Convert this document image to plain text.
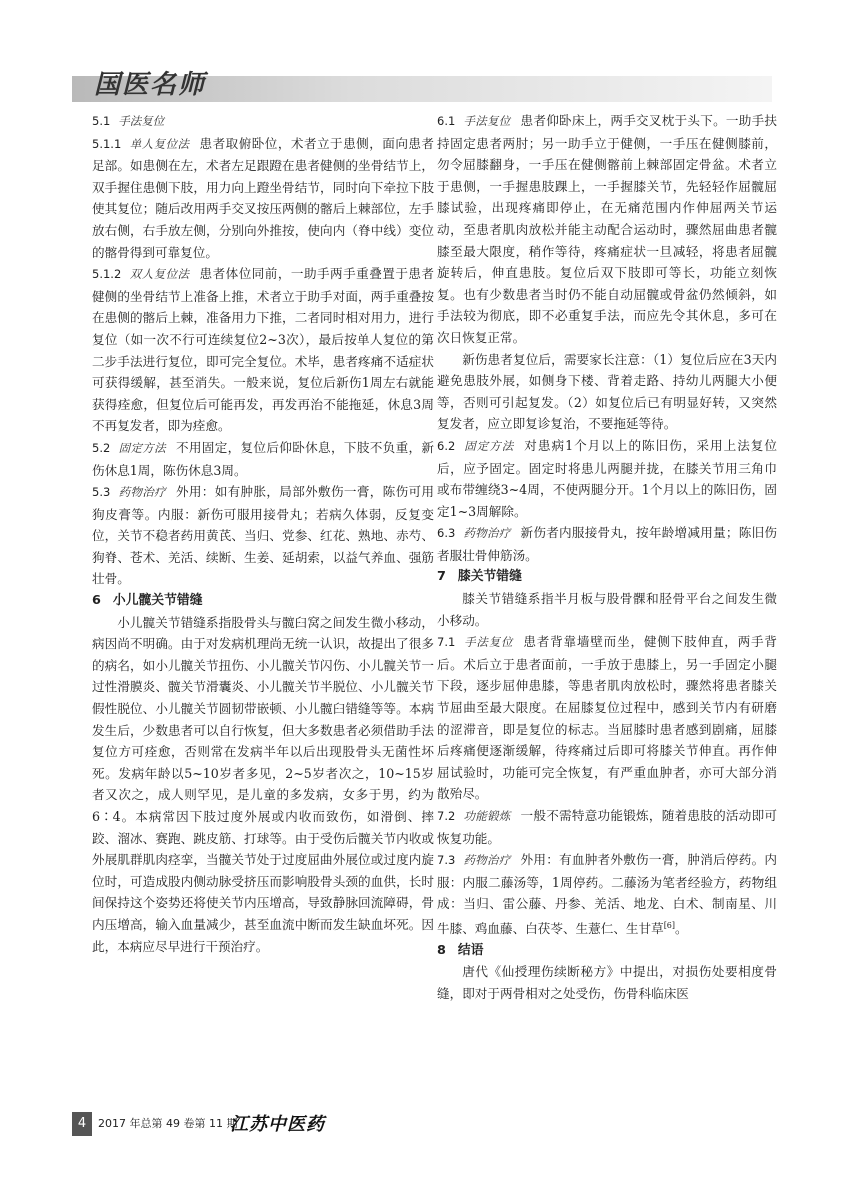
国医名师

5.1 手法复位

5.1.1 单人复位法 患者取俯卧位，术者立于患侧，面向患者足部。如患侧在左，术者左足跟蹬在患者健侧的坐骨结节上，双手握住患侧下肢，用力向上蹬坐骨结节，同时向下牵拉下肢使其复位；随后改用两手交叉按压两侧的髂后上棘部位，左手放右侧，右手放左侧，分别向外推按，使向内（脊中线）变位的髂骨得到可靠复位。

5.1.2 双人复位法 患者体位同前，一助手两手重叠置于患者健侧的坐骨结节上准备上推，术者立于助手对面，两手重叠按在患侧的髂后上棘，准备用力下推，二者同时相对用力，进行复位（如一次不行可连续复位2~3次），最后按单人复位的第二步手法进行复位，即可完全复位。术毕，患者疼痛不适症状可获得缓解，甚至消失。一般来说，复位后新伤1周左右就能获得痊愈，但复位后可能再发，再发再治不能拖延，休息3周不再复发者，即为痊愈。

5.2 固定方法 不用固定，复位后仰卧休息，下肢不负重，新伤休息1周，陈伤休息3周。

5.3 药物治疗 外用：如有肿胀，局部外敷伤一膏，陈伤可用狗皮膏等。内服：新伤可服用接骨丸；若病久体弱，反复变位，关节不稳者药用黄芪、当归、党参、红花、熟地、赤芍、狗脊、苍术、羌活、续断、生姜、延胡索，以益气养血、强筋壮骨。

6 小儿髋关节错缝

小儿髋关节错缝系指股骨头与髋臼窝之间发生微小移动，病因尚不明确。由于对发病机理尚无统一认识，故提出了很多的病名，如小儿髋关节扭伤、小儿髋关节闪伤、小儿髋关节一过性滑膜炎、髋关节滑囊炎、小儿髋关节半脱位、小儿髋关节假性脱位、小儿髋关节圆韧带嵌顿、小儿髋臼错缝等等。本病发生后，少数患者可以自行恢复，但大多数患者必须借助手法复位方可痊愈，否则常在发病半年以后出现股骨头无菌性坏死。发病年龄以5~10岁者多见，2~5岁者次之，10~15岁者又次之，成人则罕见，是儿童的多发病，女多于男，约为6∶4。本病常因下肢过度外展或内收而致伤，如滑倒、摔跤、溜冰、赛跑、跳皮筋、打球等。由于受伤后髋关节内收或外展肌群肌肉痉挛，当髋关节处于过度屈曲外展位或过度内旋位时，可造成股内侧动脉受挤压而影响股骨头颈的血供，长时间保持这个姿势还将使关节内压增高，导致静脉回流障碍，骨内压增高，输入血量减少，甚至血流中断而发生缺血坏死。因此，本病应尽早进行干预治疗。

6.1 手法复位 患者仰卧床上，两手交叉枕于头下。一助手扶持固定患者两肘；另一助手立于健侧，一手压在健侧膝前，勿令屈膝翻身，一手压在健侧髂前上棘部固定骨盆。术者立于患侧，一手握患肢踝上，一手握膝关节，先轻轻作屈髋屈膝试验，出现疼痛即停止，在无痛范围内作伸屈两关节运动，至患者肌肉放松并能主动配合运动时，骤然屈曲患者髋膝至最大限度，稍作等待，疼痛症状一旦减轻，将患者屈髋旋转后，伸直患肢。复位后双下肢即可等长，功能立刻恢复。也有少数患者当时仍不能自动屈髋或骨盆仍然倾斜，如手法较为彻底，即不必重复手法，而应先令其休息，多可在次日恢复正常。

新伤患者复位后，需要家长注意：（1）复位后应在3天内避免患肢外展，如侧身下楼、背着走路、持幼儿两腿大小便等，否则可引起复发。（2）如复位后已有明显好转，又突然复发者，应立即复诊复治，不要拖延等待。

6.2 固定方法 对患病1个月以上的陈旧伤，采用上法复位后，应予固定。固定时将患儿两腿并拢，在膝关节用三角巾或布带缠绕3~4周，不使两腿分开。1个月以上的陈旧伤，固定1~3周解除。

6.3 药物治疗 新伤者内服接骨丸，按年龄增减用量；陈旧伤者服壮骨伸筋汤。

7 膝关节错缝

膝关节错缝系指半月板与股骨髁和胫骨平台之间发生微小移动。

7.1 手法复位 患者背靠墙壁而坐，健侧下肢伸直，两手背后。术后立于患者面前，一手放于患膝上，另一手固定小腿下段，逐步屈伸患膝，等患者肌肉放松时，骤然将患者膝关节屈曲至最大限度。在屈膝复位过程中，感到关节内有研磨的涩滞音，即是复位的标志。当屈膝时患者感到剧痛，屈膝后疼痛便逐渐缓解，待疼痛过后即可将膝关节伸直。再作伸屈试验时，功能可完全恢复，有严重血肿者，亦可大部分消散殆尽。

7.2 功能锻炼 一般不需特意功能锻炼，随着患肢的活动即可恢复功能。

7.3 药物治疗 外用：有血肿者外敷伤一膏，肿消后停药。内服：内服二藤汤等，1周停药。二藤汤为笔者经验方，药物组成：当归、雷公藤、丹参、羌活、地龙、白术、制南星、川牛膝、鸡血藤、白茯苓、生薏仁、生甘草[6]。

8 结语

唐代《仙授理伤续断秘方》中提出，对损伤处要相度骨缝，即对于两骨相对之处受伤，伤骨科临床医

4	2017 年总第 49 卷第 11 期
江苏中医药
